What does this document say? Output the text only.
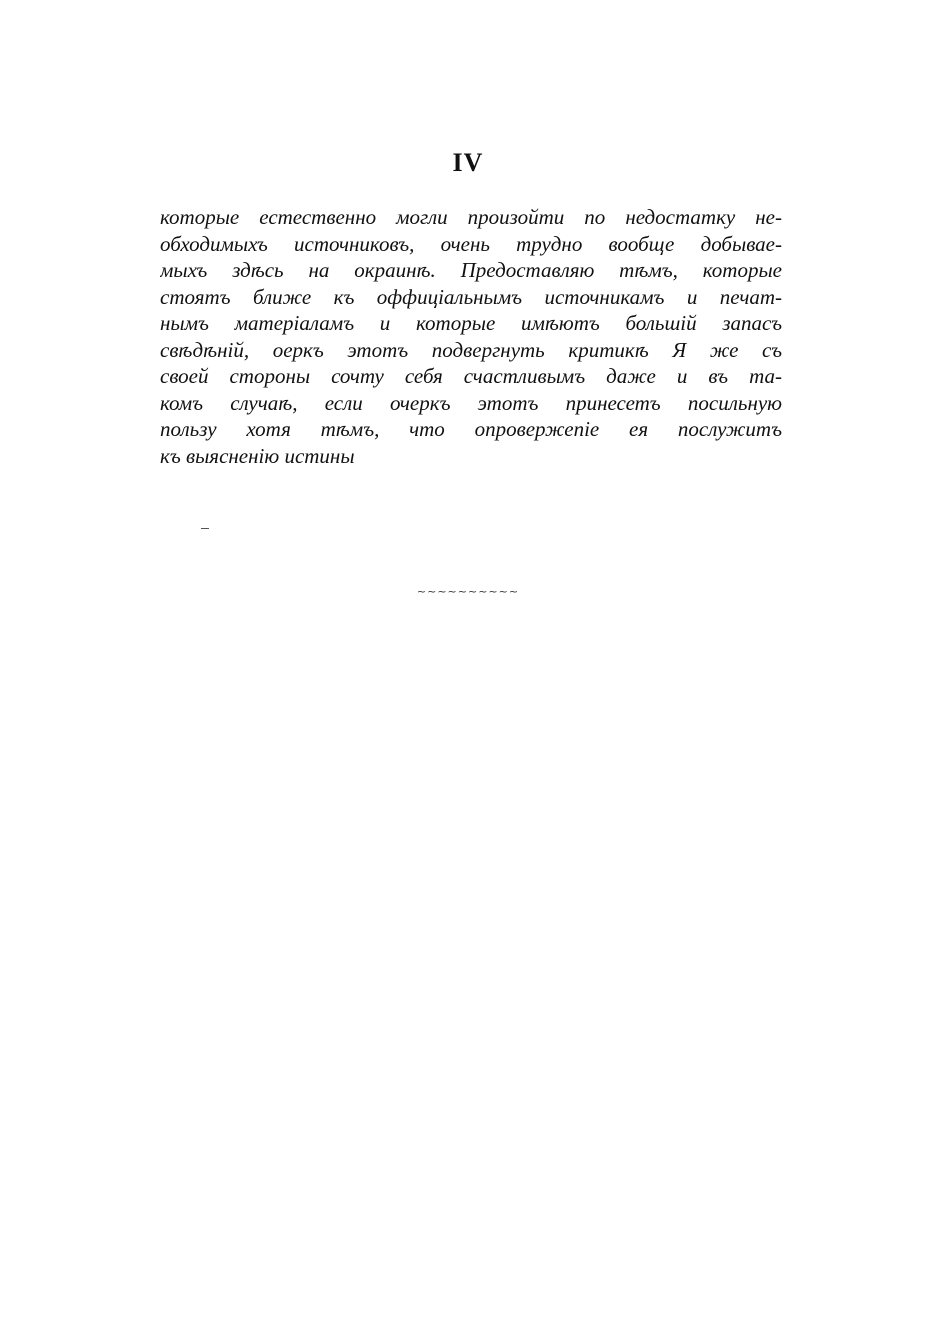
IV
которые естественно могли произойти по недостатку не-
обходимыхъ источниковъ, очень трудно вообще добывае-
мыхъ здѣсь на окраинѣ. Предоставляю тѣмъ, которые
стоятъ ближе къ оффиціальнымъ источникамъ и печат-
нымъ матеріаламъ и которые имѣютъ большій запасъ
свѣдѣній, оеркъ этотъ подвергнуть критикѣ Я же съ
своей стороны сочту себя счастливымъ даже и въ та-
комъ случаѣ, если очеркъ этотъ принесетъ посильную
пользу хотя тѣмъ, что опровержепіе ея послужитъ
къ выясненію истины
~~~~~~~~~~
